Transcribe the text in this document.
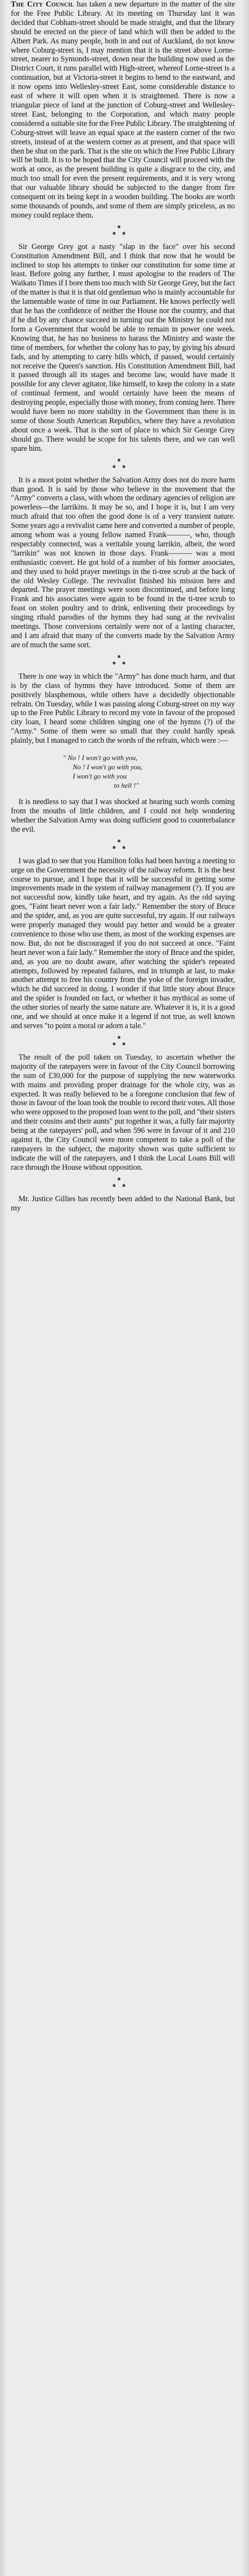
The City Council has taken a new departure in the matter of the site for the Free Public Library. At its meeting on Thursday last it was decided that Cobham-street should be made straight, and that the library should be erected on the piece of land which will then be added to the Albert Park. As many people, both in and out of Auckland, do not know where Coburg-street is, I may mention that it is the street above Lorne-street, nearer to Symonds-street, down near the building now used as the District Court, it runs parallel with High-street, whereof Lorne-street is a continuation, but at Victoria-street it begins to bend to the eastward, and it now opens into Wellesley-street East, some considerable distance to east of where it will open when it is straightened. There is now a triangular piece of land at the junction of Coburg-street and Wellesley-street East, belonging to the Corporation, and which many people considered a suitable site for the Free Public Library. The straightening of Coburg-street will leave an equal space at the eastern corner of the two streets, instead of at the western corner as at present, and that space will then be shut on the park. That is the site on which the Free Public Library will be built. It is to be hoped that the City Council will proceed with the work at once, as the present building is quite a disgrace to the city, and much too small for even the present requirements, and it is very wrong that our valuable library should be subjected to the danger from fire consequent on its being kept in a wooden building. The books are worth some thousands of pounds, and some of them are simply priceless, as no money could replace them.

✱
✱ ✱

Sir George Grey got a nasty "slap in the face" over his second Constitution Amendment Bill, and I think that now that he would be inclined to stop his attempts to tinker our constitution for some time at least. Before going any further, I must apologise to the readers of The Waikato Times if I bore them too much with Sir George Grey, but the fact of the matter is that it is that old gentleman who is mainly accountable for the lamentable waste of time in our Parliament. He knows perfectly well that he has the confidence of neither the House nor the country, and that if he did by any chance succeed in turning out the Ministry he could not form a Government that would be able to remain in power one week. Knowing that, he has no business to harass the Ministry and waste the time of members, for whether the colony has to pay, by giving his absurd fads, and by attempting to carry bills which, if passed, would certainly not receive the Queen's sanction. His Constitution Amendment Bill, had it passed through all its stages and become law, would have made it possible for any clever agitator, like himself, to keep the colony in a state of continual ferment, and would certainly have been the means of destroying people, especially those with money, from coming here. There would have been no more stability in the Government than there is in some of those South American Republics, where they have a revolution about once a week. That is the sort of place to which Sir George Grey should go. There would be scope for his talents there, and we can well spare him.

✱
✱ ✱

It is a moot point whether the Salvation Army does not do more harm than good. It is said by those who believe in the movement that the "Army" converts a class, with whom the ordinary agencies of religion are powerless—the larrikins. It may be so, and I hope it is, but I am very much afraid that too often the good done is of a very transient nature. Some years ago a revivalist came here and converted a number of people, among whom was a young fellow named Frank———, who, though respectably connected, was a veritable young larrikin, albeit, the word "larrikin" was not known in those days. Frank——— was a most enthusiastic convert. He got hold of a number of his former associates, and they used to hold prayer meetings in the ti-tree scrub at the back of the old Wesley College. The revivalist finished his mission here and departed. The prayer meetings were soon discontinued, and before long Frank and his associates were again to be found in the ti-tree scrub to feast on stolen poultry and to drink, enlivening their proceedings by singing ribald parodies of the hymns they had sung at the revivalist meetings. Those conversions certainly were not of a lasting character, and I am afraid that many of the converts made by the Salvation Army are of much the same sort.

✱
✱ ✱

There is one way in which the "Army" has done much harm, and that is by the class of hymns they have introduced. Some of them are positively blasphemous, while others have a decidedly objectionable refrain. On Tuesday, while I was passing along Coburg-street on my way up to the Free Public Library to record my vote in favour of the proposed city loan, I heard some children singing one of the hymns (?) of the "Army." Some of them were so small that they could hardly speak plainly, but I managed to catch the words of the refrain, which were :—

" No ! I won't go with you,
No ! I won't go with you,
I won't go with you
to hell !"

It is needless to say that I was shocked at hearing such words coming from the mouths of little children, and I could not help wondering whether the Salvation Army was doing sufficient good to counterbalance the evil.

✱
✱ ✱

I was glad to see that you Hamilton folks had been having a meeting to urge on the Government the necessity of the railway reform. It is the best course to pursue, and I hope that it will be successful in getting some improvements made in the system of railway management (?). If you are not successful now, kindly take heart, and try again. As the old saying goes, "Faint heart never won a fair lady." Remember the story of Bruce and the spider, and, as you are quite successful, try again. If our railways were properly managed they would pay better and would be a greater convenience to those who use them, as most of the working expenses are now. But, do not be discouraged if you do not succeed at once. "Faint heart never won a fair lady." Remember the story of Bruce and the spider, and, as you are no doubt aware, after watching the spider's repeated attempts, followed by repeated failures, end in triumph at last, to make another attempt to free his country from the yoke of the foreign invader, which he did succeed in doing. I wonder if that little story about Bruce and the spider is founded on fact, or whether it has mythical as some of the other stories of nearly the same nature are. Whatever it is, it is a good one, and we should at once make it a legend if not true, as well known and serves "to point a moral or adorn a tale."

✱
✱ ✱

The result of the poll taken on Tuesday, to ascertain whether the majority of the ratepayers were in favour of the City Council borrowing the sum of £30,000 for the purpose of supplying the new waterworks with mains and providing proper drainage for the whole city, was as expected. It was really believed to be a foregone conclusion that few of those in favour of the loan took the trouble to record their votes. All those who were opposed to the proposed loan went to the poll, and "their sisters and their cousins and their aunts" put together it was, a fully fair majority being at the ratepayers' poll, and when 596 were in favour of it and 210 against it, the City Council were more competent to take a poll of the ratepayers in the subject, the majority shown was quite sufficient to indicate the will of the ratepayers, and I think the Local Loans Bill will race through the House without opposition.

✱
✱ ✱

Mr. Justice Gillies has recently been added to the National Bank, but my
